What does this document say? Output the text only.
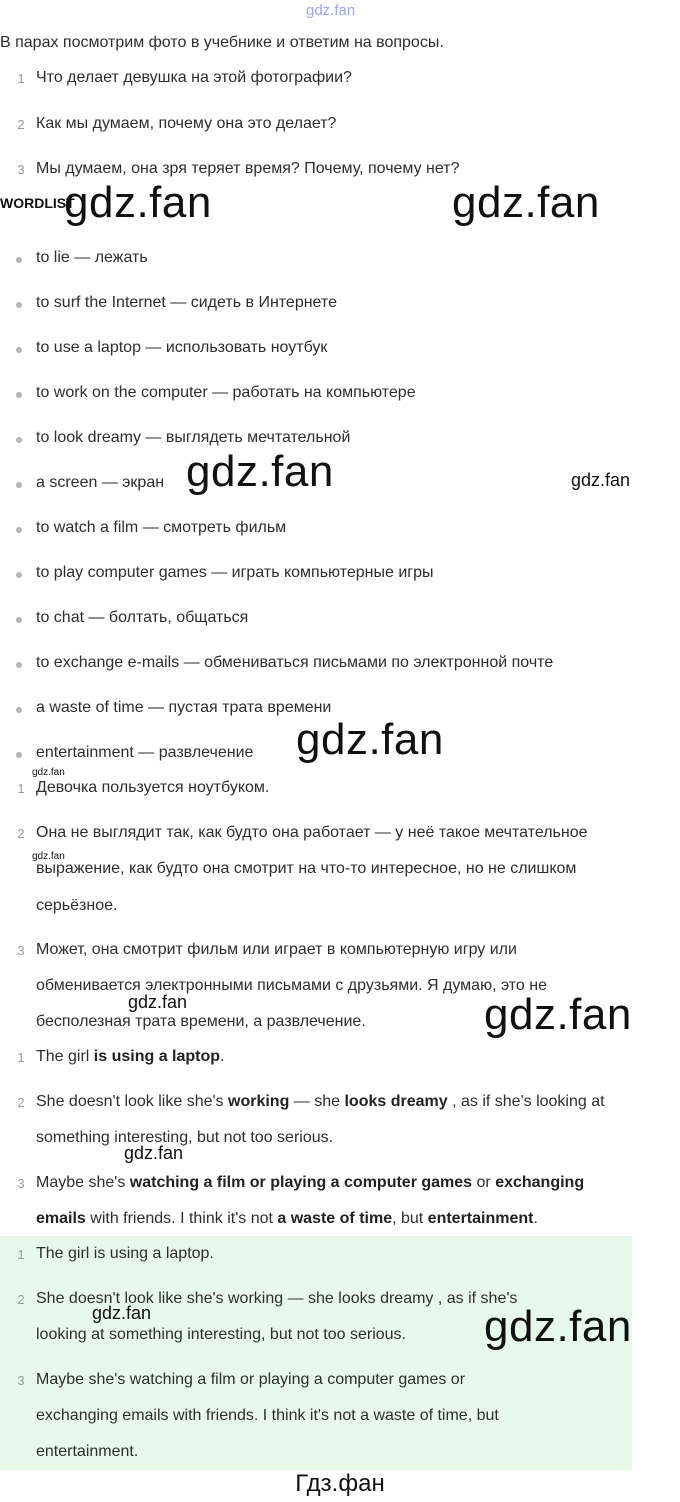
gdz.fan
В парах посмотрим фото в учебнике и ответим на вопросы.
1 Что делает девушка на этой фотографии?
2 Как мы думаем, почему она это делает?
3 Мы думаем, она зря теряет время? Почему, почему нет?
WORDLIST
to lie — лежать
to surf the Internet — сидеть в Интернете
to use a laptop — использовать ноутбук
to work on the computer — работать на компьютере
to look dreamy — выглядеть мечтательной
a screen — экран
to watch a film — смотреть фильм
to play computer games — играть компьютерные игры
to chat — болтать, общаться
to exchange e-mails — обмениваться письмами по электронной почте
a waste of time — пустая трата времени
entertainment — развлечение
1 Девочка пользуется ноутбуком.
2 Она не выглядит так, как будто она работает — у неё такое мечтательное
выражение, как будто она смотрит на что-то интересное, но не слишком
серьёзное.
3 Может, она смотрит фильм или играет в компьютерную игру или
обменивается электронными письмами с друзьями. Я думаю, это не
бесполезная трата времени, а развлечение.
1 The girl is using a laptop.
2 She doesn't look like she's working — she looks dreamy , as if she's looking at
something interesting, but not too serious.
3 Maybe she's watching a film or playing a computer games or exchanging
emails with friends. I think it's not a waste of time, but entertainment.
1 The girl is using a laptop.
2 She doesn't look like she's working — she looks dreamy , as if she's
looking at something interesting, but not too serious.
3 Maybe she's watching a film or playing a computer games or
exchanging emails with friends. I think it's not a waste of time, but
entertainment.
gdz.fan	gdz.fan
gdz.fan	gdz.fan
gdz.fan
gdz.fan
gdz.fan
gdz.fan	gdz.fan
gdz.fan
gdz.fan	gdz.fan
Гдз.фан
